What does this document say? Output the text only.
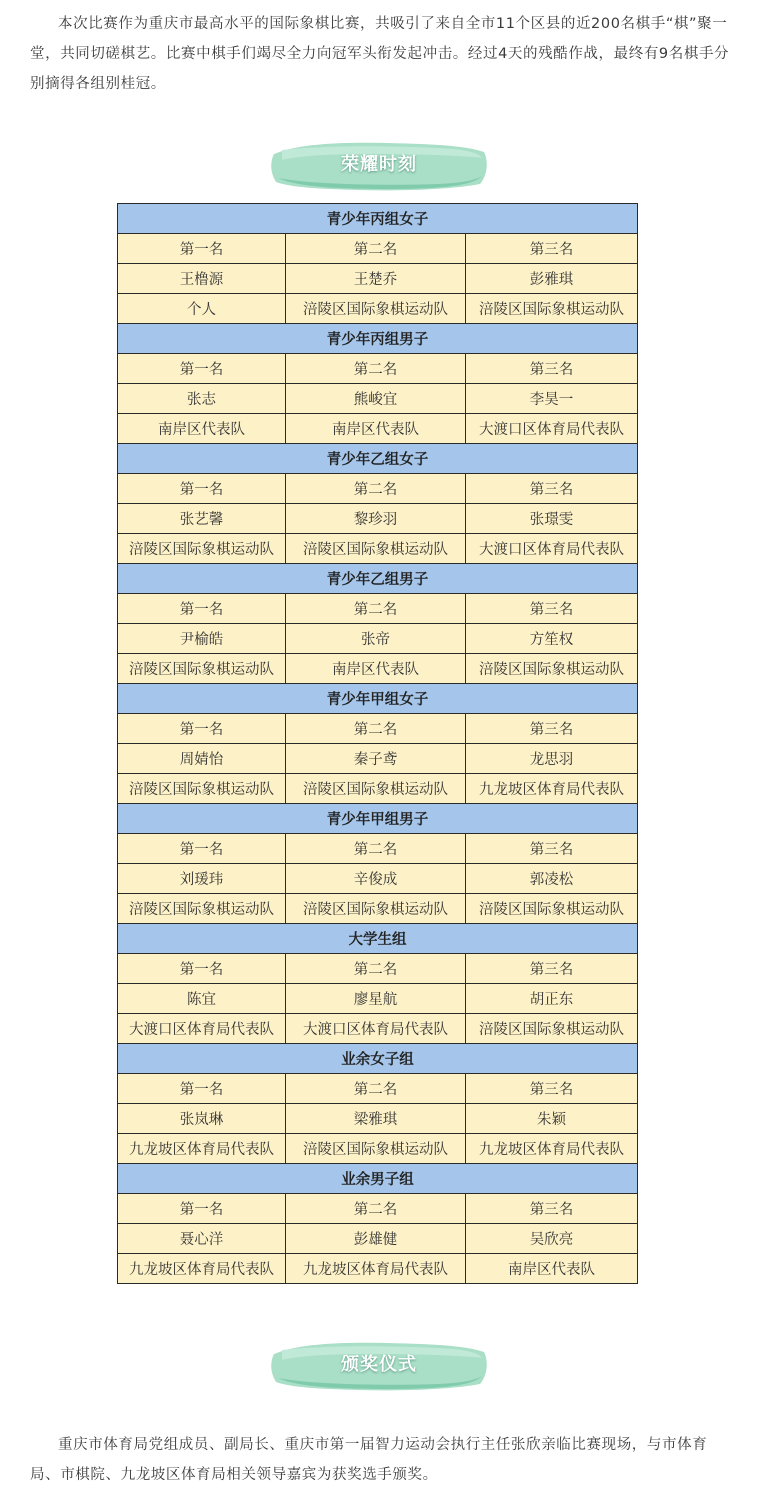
本次比赛作为重庆市最高水平的国际象棋比赛，共吸引了来自全市11个区县的近200名棋手“棋”聚一堂，共同切磋棋艺。比赛中棋手们竭尽全力向冠军头衔发起冲击。经过4天的残酷作战，最终有9名棋手分别摘得各组别桂冠。
荣耀时刻
青少年丙组女子		
第一名	第二名	第三名
王橹源	王楚乔	彭雅琪
个人	涪陵区国际象棋运动队	涪陵区国际象棋运动队
青少年丙组男子		
第一名	第二名	第三名
张志	熊峻宜	李昊一
南岸区代表队	南岸区代表队	大渡口区体育局代表队
青少年乙组女子		
第一名	第二名	第三名
张艺馨	黎珍羽	张璟雯
涪陵区国际象棋运动队	涪陵区国际象棋运动队	大渡口区体育局代表队
青少年乙组男子		
第一名	第二名	第三名
尹榆皓	张帝	方笙权
涪陵区国际象棋运动队	南岸区代表队	涪陵区国际象棋运动队
青少年甲组女子		
第一名	第二名	第三名
周婧怡	秦子鸢	龙思羽
涪陵区国际象棋运动队	涪陵区国际象棋运动队	九龙坡区体育局代表队
青少年甲组男子		
第一名	第二名	第三名
刘瑗玮	辛俊成	郭凌松
涪陵区国际象棋运动队	涪陵区国际象棋运动队	涪陵区国际象棋运动队
大学生组		
第一名	第二名	第三名
陈宜	廖星航	胡正东
大渡口区体育局代表队	大渡口区体育局代表队	涪陵区国际象棋运动队
业余女子组		
第一名	第二名	第三名
张岚琳	梁雅琪	朱颖
九龙坡区体育局代表队	涪陵区国际象棋运动队	九龙坡区体育局代表队
业余男子组		
第一名	第二名	第三名
聂心洋	彭雄健	吴欣亮
九龙坡区体育局代表队	九龙坡区体育局代表队	南岸区代表队
颁奖仪式
重庆市体育局党组成员、副局长、重庆市第一届智力运动会执行主任张欣亲临比赛现场，与市体育局、市棋院、九龙坡区体育局相关领导嘉宾为获奖选手颁奖。
